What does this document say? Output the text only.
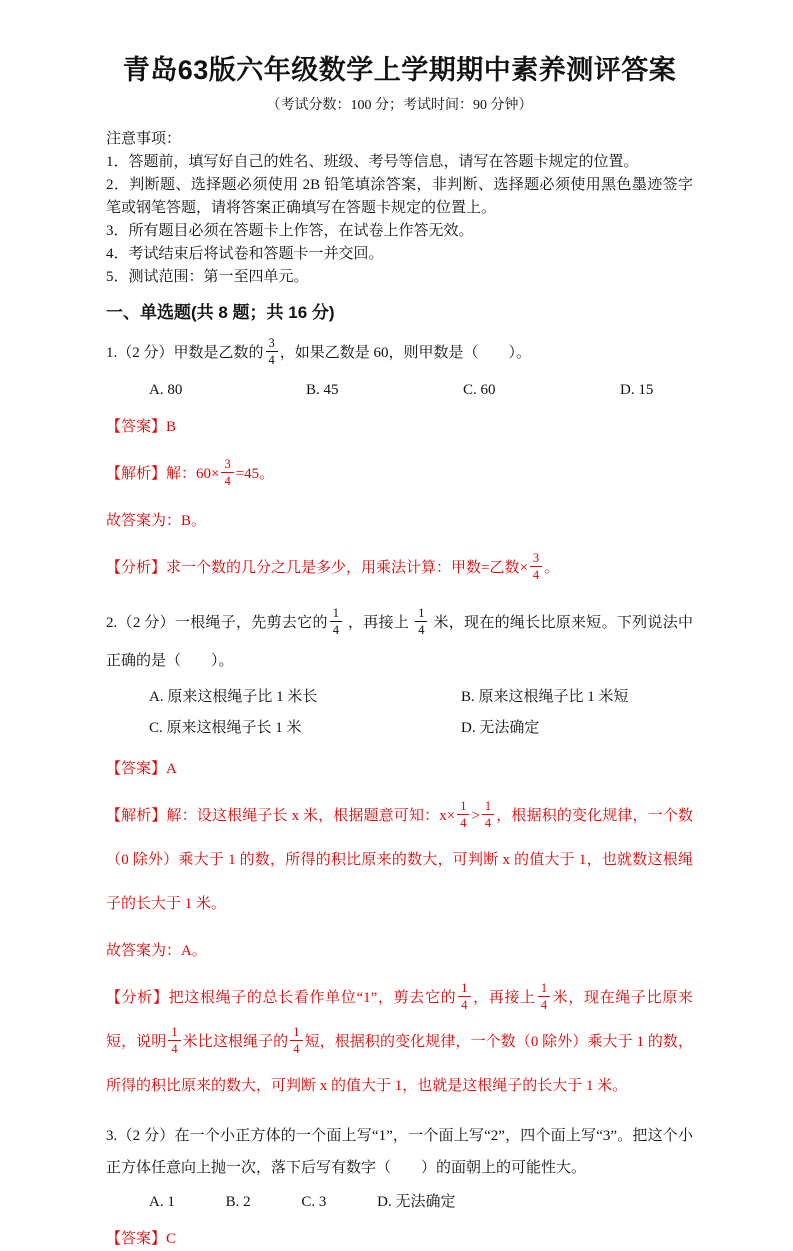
青岛63版六年级数学上学期期中素养测评答案

（考试分数：100 分；考试时间：90 分钟）

注意事项：

1．答题前，填写好自己的姓名、班级、考号等信息，请写在答题卡规定的位置。

2．判断题、选择题必须使用 2B 铅笔填涂答案，非判断、选择题必须使用黑色墨迹签字笔或钢笔答题，请将答案正确填写在答题卡规定的位置上。

3．所有题目必须在答题卡上作答，在试卷上作答无效。

4．考试结束后将试卷和答题卡一并交回。

5．测试范围：第一至四单元。

一、单选题(共 8 题；共 16 分)

1.（2 分）甲数是乙数的 $\frac{3}{4}$ ，如果乙数是 60，则甲数是（　　）。

A. 80	B. 45	C. 60	D. 15

【答案】B

【解析】解：$60\times \frac{3}{4} =45$。

故答案为：B。

【分析】求一个数的几分之几是多少，用乘法计算：甲数=乙数× $\frac{3}{4}$ 。

2.（2 分）一根绳子，先剪去它的 $\frac{1}{4}$ ，再接上 $\frac{1}{4}$ 米，现在的绳长比原来短。下列说法中正确的是（　　）。

A. 原来这根绳子比 1 米长	B. 原来这根绳子比 1 米短
C. 原来这根绳子长 1 米	D. 无法确定

【答案】A

【解析】解：设这根绳子长 x 米，根据题意可知：$x\times \frac{1}{4} > \frac{1}{4}$ ，根据积的变化规律，一个数（0 除外）乘大于 1 的数，所得的积比原来的数大，可判断 x 的值大于 1，也就数这根绳子的长大于 1 米。

故答案为：A。

【分析】把这根绳子的总长看作单位“1”，剪去它的 $\frac{1}{4}$ ，再接上 $\frac{1}{4}$ 米，现在绳子比原来短，说明 $\frac{1}{4}$ 米比这根绳子的 $\frac{1}{4}$ 短，根据积的变化规律，一个数（0 除外）乘大于 1 的数，所得的积比原来的数大，可判断 x 的值大于 1，也就是这根绳子的长大于 1 米。

3.（2 分）在一个小正方体的一个面上写“1”，一个面上写“2”，四个面上写“3”。把这个小正方体任意向上抛一次，落下后写有数字（　　）的面朝上的可能性大。

A. 1	B. 2	C. 3	D. 无法确定

【答案】C
